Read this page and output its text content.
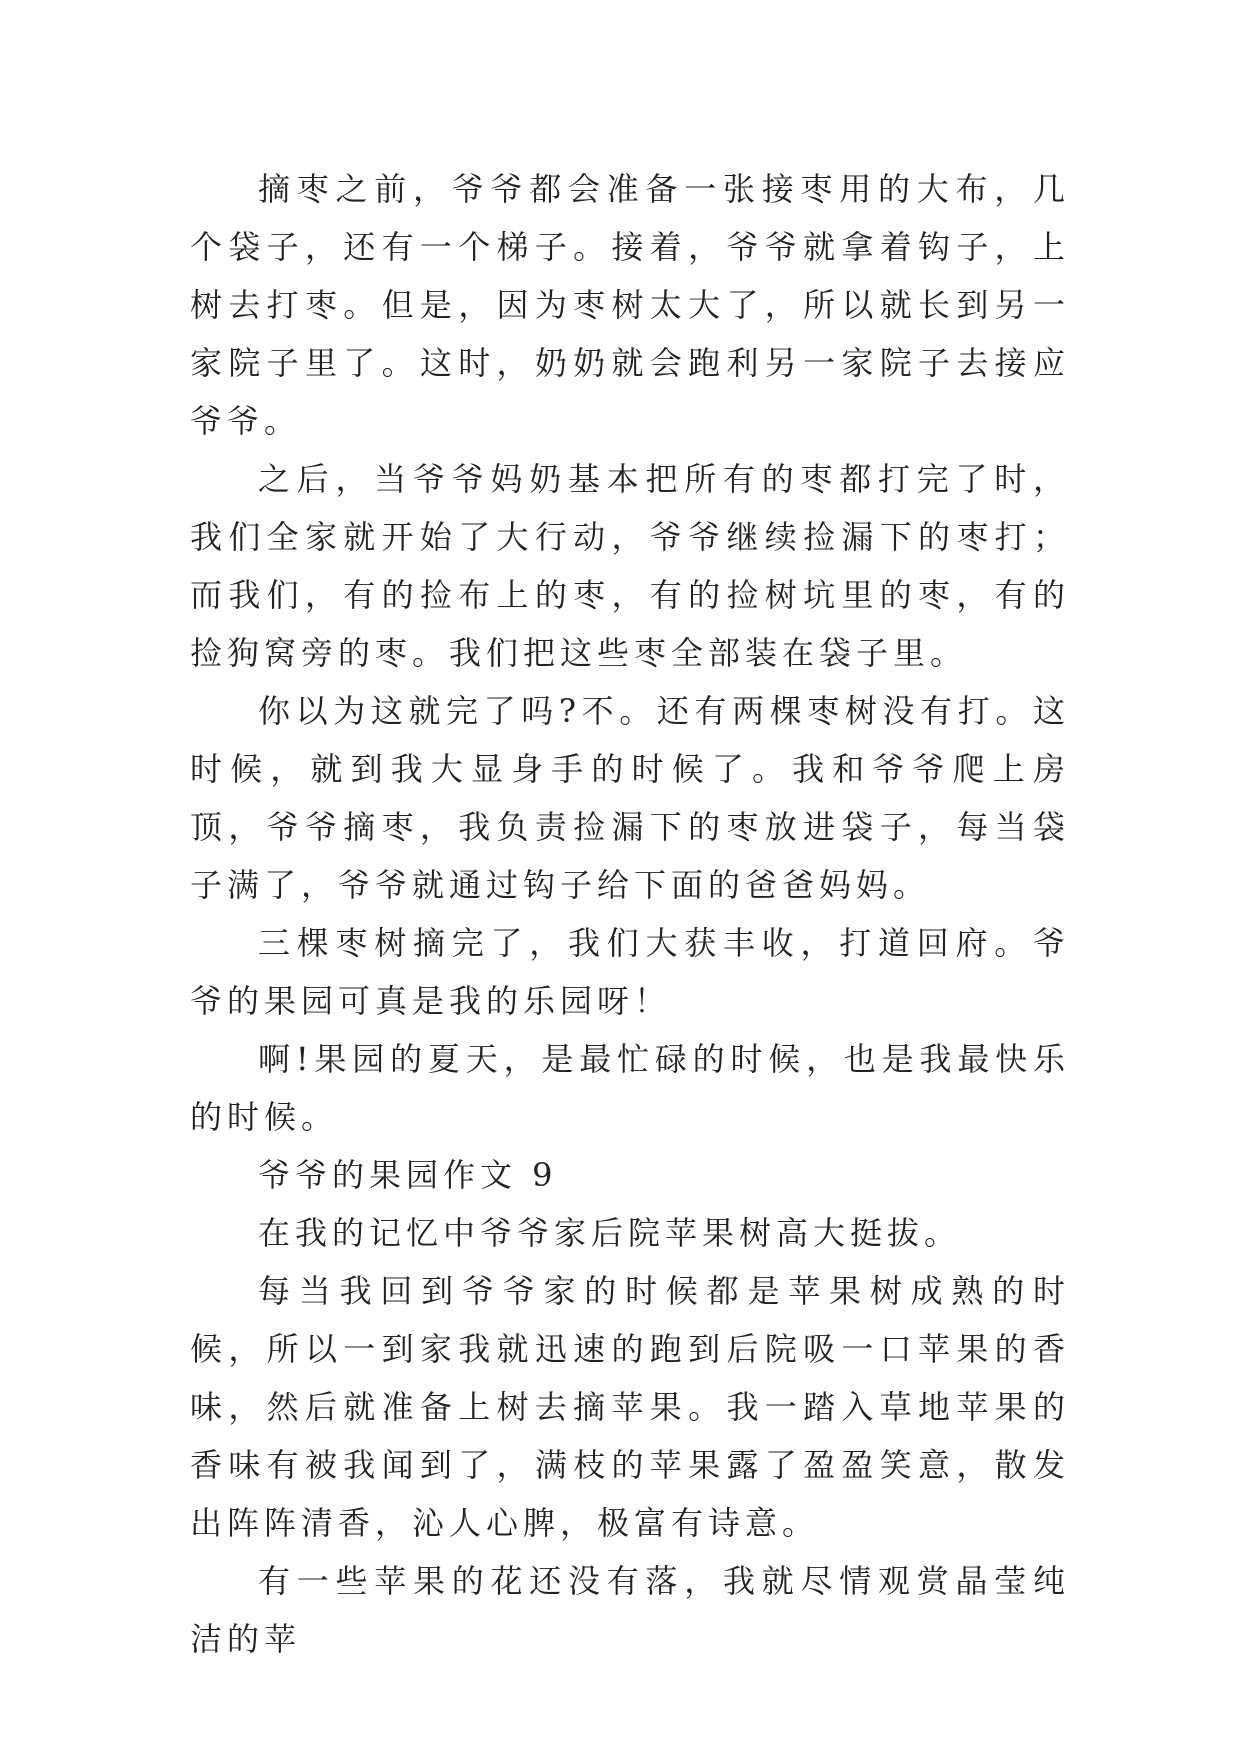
摘枣之前，爷爷都会准备一张接枣用的大布，几个袋子，还有一个梯子。接着，爷爷就拿着钩子，上树去打枣。但是，因为枣树太大了，所以就长到另一家院子里了。这时，奶奶就会跑利另一家院子去接应爷爷。

之后，当爷爷妈奶基本把所有的枣都打完了时，我们全家就开始了大行动，爷爷继续捡漏下的枣打；而我们，有的捡布上的枣，有的捡树坑里的枣，有的捡狗窝旁的枣。我们把这些枣全部装在袋子里。

你以为这就完了吗?不。还有两棵枣树没有打。这时候，就到我大显身手的时候了。我和爷爷爬上房顶，爷爷摘枣，我负责捡漏下的枣放进袋子，每当袋子满了，爷爷就通过钩子给下面的爸爸妈妈。

三棵枣树摘完了，我们大获丰收，打道回府。爷爷的果园可真是我的乐园呀！

啊!果园的夏天，是最忙碌的时候，也是我最快乐的时候。

爷爷的果园作文 9

在我的记忆中爷爷家后院苹果树高大挺拔。

每当我回到爷爷家的时候都是苹果树成熟的时候，所以一到家我就迅速的跑到后院吸一口苹果的香味，然后就准备上树去摘苹果。我一踏入草地苹果的香味有被我闻到了，满枝的苹果露了盈盈笑意，散发出阵阵清香，沁人心脾，极富有诗意。

有一些苹果的花还没有落，我就尽情观赏晶莹纯洁的苹
